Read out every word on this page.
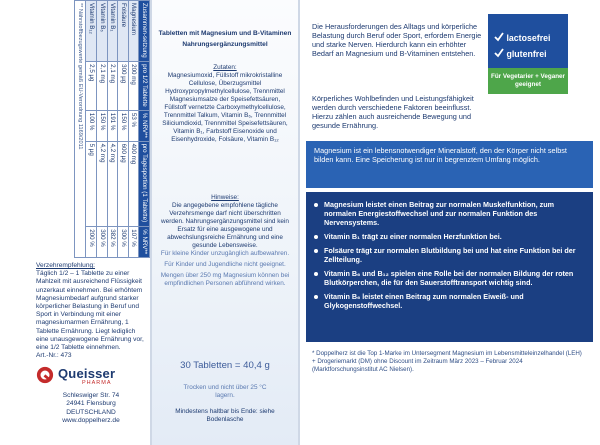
Zusammen-setzung	pro 1/2 Tablette	% NRV**	pro Tagesportion (1 Tablette)	% NRV**
Magnesium	200 mg	53 %	400 mg	107 %
Folsäure	300 µg	150 %	600 µg	300 %
Vitamin B₁	2,1 mg	191 %	4,2 mg	382 %
Vitamin B₆	2,1 mg	150 %	4,2 mg	300 %
Vitamin B₁₂	2,5 µg	100 %	5 µg	200 %
** Nährstoffbezugswerte gemäß EU-Verordnung 1169/2011				
Verzehrempfehlung:
Täglich 1/2 – 1 Tablette zu einer Mahlzeit mit ausreichend Flüssigkeit unzerkaut einnehmen. Bei erhöhtem Magnesiumbedarf aufgrund starker körperlicher Belastung in Beruf und Sport in Verbindung mit einer magnesiumarmen Ernährung, 1 Tablette Ernährung. Liegt lediglich eine unausgewogene Ernährung vor, eine 1/2 Tablette einnehmen.
Art.-Nr.: 473
Queisser
PHARMA
Schleswiger Str. 74
24941 Flensburg
DEUTSCHLAND
www.doppelherz.de
Tabletten mit Magnesium und B-Vitaminen
Nahrungsergänzungsmittel
Zutaten:
Magnesiumoxid, Füllstoff mikrokristalline Cellulose, Überzugsmittel Hydroxypropylmethylcellulose, Trennmittel Magnesiumsalze der Speisefettsäuren, Füllstoff vernetzte Carboxymethylcellulose, Trennmittel Talkum, Vitamin B₆, Trennmittel Siliciumdioxid, Trennmittel Speisefettsäuren, Vitamin B₁, Farbstoff Eisenoxide und Eisenhydroxide, Folsäure, Vitamin B₁₂
Hinweise:
Die angegebene empfohlene tägliche Verzehrsmenge darf nicht überschritten werden. Nahrungsergänzungsmittel sind kein Ersatz für eine ausgewogene und abwechslungsreiche Ernährung und eine gesunde Lebensweise.
Für kleine Kinder unzugänglich aufbewahren.
Für Kinder und Jugendliche nicht geeignet.
Mengen über 250 mg Magnesium können bei empfindlichen Personen abführend wirken.
30 Tabletten = 40,4 g
Trocken und nicht über 25 °C lagern.
Mindestens haltbar bis Ende: siehe Bodenlasche
Die Herausforderungen des Alltags und körperliche Belastung durch Beruf oder Sport, erfordern Energie und starke Nerven. Hierdurch kann ein erhöhter Bedarf an Magnesium und B-Vitaminen entstehen.
Körperliches Wohlbefinden und Leistungsfähigkeit werden durch verschiedene Faktoren beeinflusst. Hierzu zählen auch ausreichende Bewegung und gesunde Ernährung.
lactosefrei
glutenfrei
Für Vegetarier + Veganer geeignet
Magnesium ist ein lebensnotwendiger Mineralstoff, den der Körper nicht selbst bilden kann. Eine Speicherung ist nur in begrenztem Umfang möglich.
Magnesium leistet einen Beitrag zur normalen Muskelfunktion, zum normalen Energiestoffwechsel und zur normalen Funktion des Nervensystems.
Vitamin B₁ trägt zu einer normalen Herzfunktion bei.
Folsäure trägt zur normalen Blutbildung bei und hat eine Funktion bei der Zellteilung.
Vitamin B₆ und B₁₂ spielen eine Rolle bei der normalen Bildung der roten Blutkörperchen, die für den Sauerstofftransport wichtig sind.
Vitamin B₆ leistet einen Beitrag zum normalen Eiweiß- und Glykogenstoffwechsel.
* Doppelherz ist die Top 1-Marke im Untersegment Magnesium im Lebensmitteleinzelhandel (LEH) + Drogeriemarkt (DM) ohne Discount im Zeitraum März 2023 – Februar 2024 (Marktforschungsinstitut AC Nielsen).
